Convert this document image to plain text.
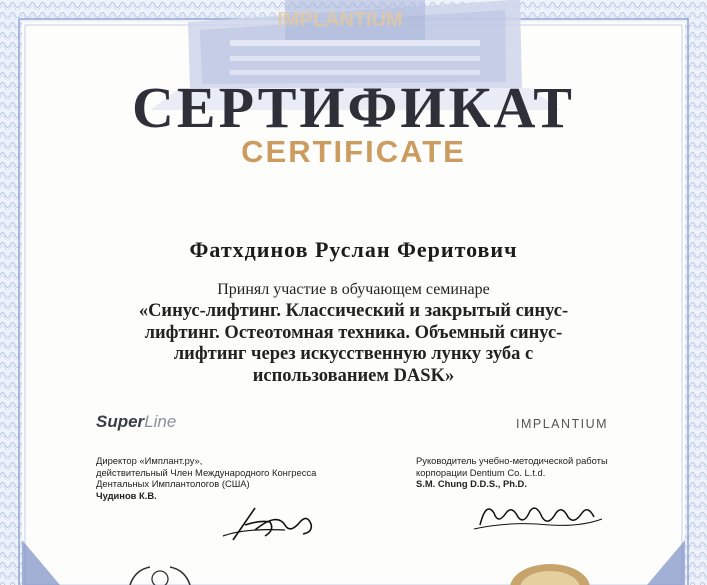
IMPLANTIUM
СЕРТИФИКАТ
CERTIFICATE
Фатхдинов Руслан Феритович
Принял участие в обучающем семинаре
«Синус-лифтинг. Классический и закрытый синус-
лифтинг. Остеотомная техника. Объемный синус-
лифтинг через искусственную лунку зуба с
использованием DASK»
SuperLine	IMPLANTIUM
Директор «Имплант.ру»,
действительный Член Международного Конгресса
Дентальных Имплантологов (США)
Чудинов К.В.
Руководитель учебно-методической работы
корпорации Dentium Co. L.t.d.
S.M. Chung D.D.S., Ph.D.
